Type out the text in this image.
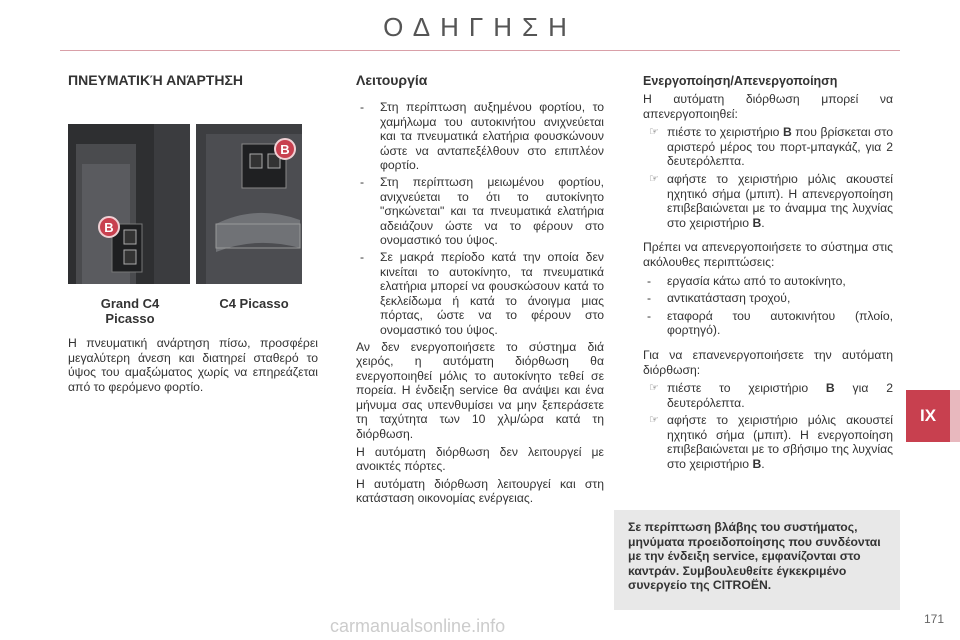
ΟΔΗΓΗΣΗ
ΠΝΕΥΜΑΤΙΚΉ ΑΝΆΡΤΗΣΗ
B
B
Grand C4 Picasso
C4 Picasso

Η πνευματική ανάρτηση πίσω, προσφέρει μεγαλύτερη άνεση και διατηρεί σταθερό το ύψος του αμαξώματος χωρίς να επηρεάζεται από το φερόμενο φορτίο.

Λειτουργία
- Στη περίπτωση αυξημένου φορτίου, το χαμήλωμα του αυτοκινήτου ανιχνεύεται και τα πνευματικά ελατήρια φουσκώνουν ώστε να ανταπεξέλθουν στο επιπλέον φορτίο.
- Στη περίπτωση μειωμένου φορτίου, ανιχνεύεται το ότι το αυτοκίνητο "σηκώνεται" και τα πνευματικά ελατήρια αδειάζουν ώστε να το φέρουν στο ονομαστικό του ύψος.
- Σε μακρά περίοδο κατά την οποία δεν κινείται το αυτοκίνητο, τα πνευματικά ελατήρια μπορεί να φουσκώσουν κατά το ξεκλείδωμα ή κατά το άνοιγμα μιας πόρτας, ώστε να το φέρουν στο ονομαστικό του ύψος.

Αν δεν ενεργοποιήσετε το σύστημα διά χειρός, η αυτόματη διόρθωση θα ενεργοποιηθεί μόλις το αυτοκίνητο τεθεί σε πορεία. Η ένδειξη service θα ανάψει και ένα μήνυμα σας υπενθυμίσει να μην ξεπεράσετε τη ταχύτητα των 10 χλμ/ώρα κατά τη διόρθωση.

Η αυτόματη διόρθωση δεν λειτουργεί με ανοικτές πόρτες.

Η αυτόματη διόρθωση λειτουργεί και στη κατάσταση οικονομίας ενέργειας.

Ενεργοποίηση/Απενεργοποίηση

Η αυτόματη διόρθωση μπορεί να απενεργοποιηθεί:

☞ πιέστε το χειριστήριο B που βρίσκεται στο αριστερό μέρος του πορτ-μπαγκάζ, για 2 δευτερόλεπτα.
☞ αφήστε το χειριστήριο μόλις ακουστεί ηχητικό σήμα (μπιπ). Η απενεργοποίηση επιβεβαιώνεται με το άναμμα της λυχνίας στο χειριστήριο B.

Πρέπει να απενεργοποιήσετε το σύστημα στις ακόλουθες περιπτώσεις:

- εργασία κάτω από το αυτοκίνητο,
- αντικατάσταση τροχού,
- εταφορά του αυτοκινήτου (πλοίο, φορτηγό).

Για να επανενεργοποιήσετε την αυτόματη διόρθωση:

☞ πιέστε το χειριστήριο B για 2 δευτερόλεπτα.
☞ αφήστε το χειριστήριο μόλις ακουστεί ηχητικό σήμα (μπιπ). Η ενεργοποίηση επιβεβαιώνεται με το σβήσιμο της λυχνίας στο χειριστήριο B.
Σε περίπτωση βλάβης του συστήματος, μηνύματα προειδοποίησης που συνδέονται με την ένδειξη service, εμφανίζονται στο καντράν. Συμβουλευθείτε έγκεκριμένο συνεργείο της CITROËN.
IX
171
carmanualsonline.info
